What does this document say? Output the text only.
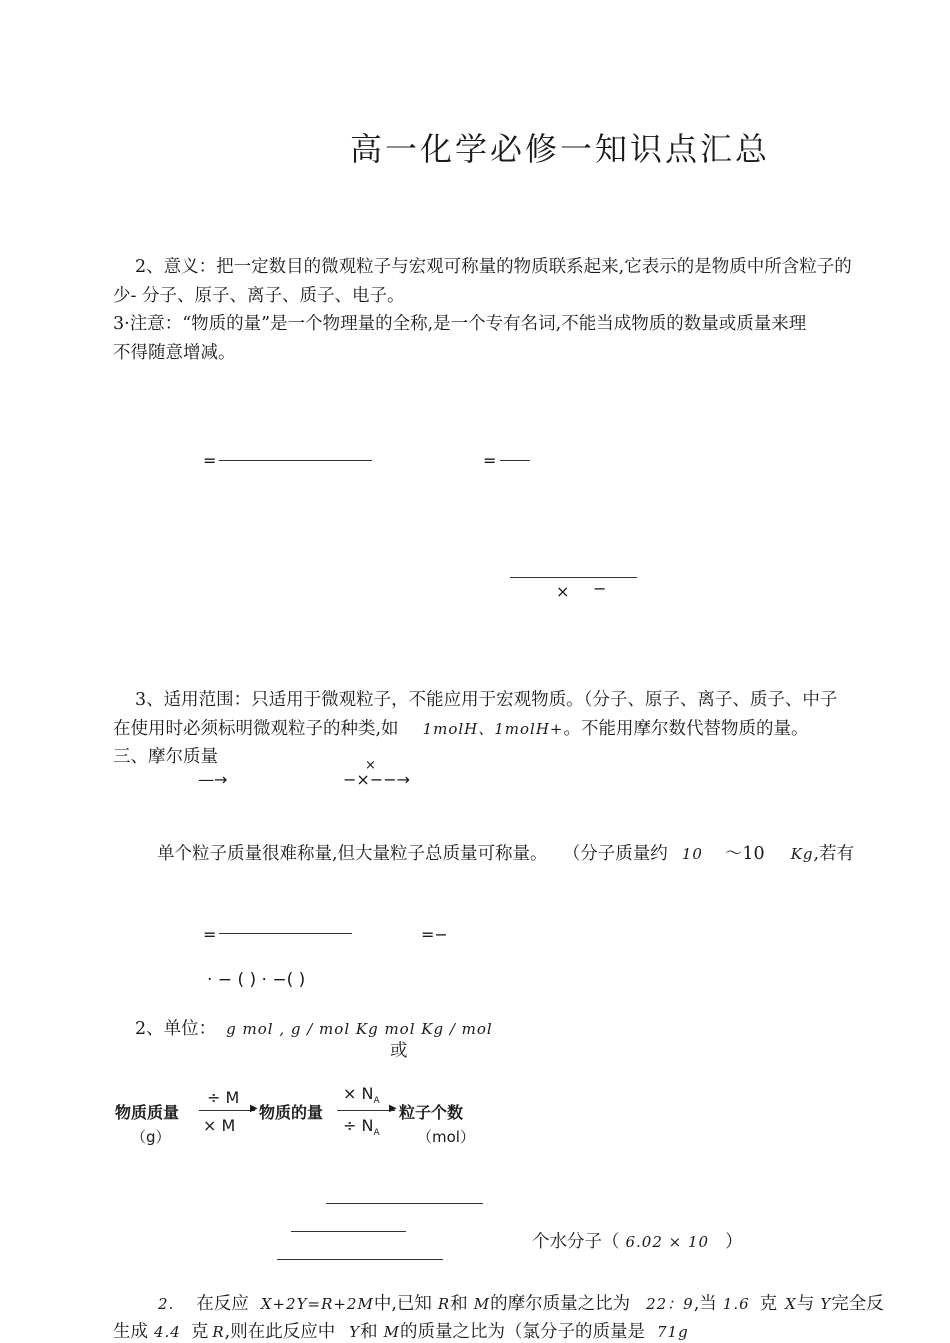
高一化学必修一知识点汇总
2、意义：把一定数目的微观粒子与宏观可称量的物质联系起来,它表示的是物质中所含粒子的
少- 分子、原子、离子、质子、电子。
3·注意：“物质的量”是一个物理量的全称,是一个专有名词,不能当成物质的数量或质量来理
不得随意增减。
=	=
× −
3、适用范围：只适用于微观粒子，不能应用于宏观物质。（分子、原子、离子、质子、中子
在使用时必须标明微观粒子的种类,如 1molH、1molH+。不能用摩尔数代替物质的量。
三、摩尔质量
—→
×
−×−−→
单个粒子质量很难称量,但大量粒子总质量可称量。 （分子质量约 10 ～10 Kg,若有
=	=−
· − ( ) · −( )
2、单位： g mol , g / mol Kg mol Kg / mol
或
物质质量
（g）
÷ M
▶
× M
物质的量
× $N_A$
▶
÷ $N_A$
粒子个数
（mol）
个水分子（ 6.02 × 10 ）
2. 在反应 X+2Y=R+2M中,已知 R和 M的摩尔质量之比为 22：9,当 1.6 克 X与 Y完全反
生成 4.4 克 R,则在此反应中 Y和 M的质量之比为（氯分子的质量是 71g
